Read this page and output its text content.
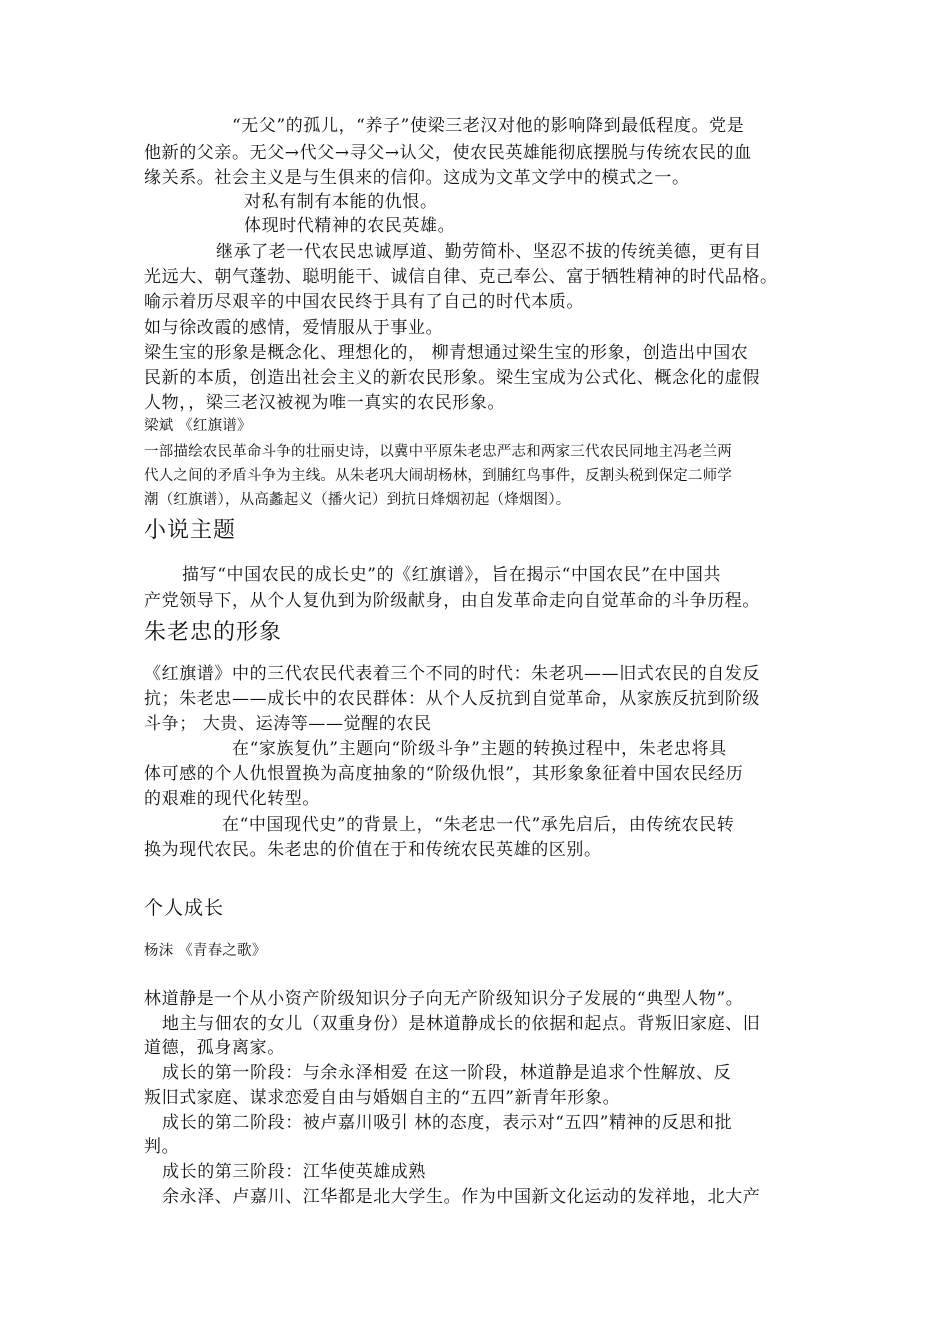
“无父”的孤儿，“养子”使梁三老汉对他的影响降到最低程度。党是
他新的父亲。无父→代父→寻父→认父，使农民英雄能彻底摆脱与传统农民的血
缘关系。社会主义是与生俱来的信仰。这成为文革文学中的模式之一。
对私有制有本能的仇恨。
体现时代精神的农民英雄。
继承了老一代农民忠诚厚道、勤劳简朴、坚忍不拔的传统美德，更有目
光远大、朝气蓬勃、聪明能干、诚信自律、克己奉公、富于牺牲精神的时代品格。
喻示着历尽艰辛的中国农民终于具有了自己的时代本质。
如与徐改霞的感情，爱情服从于事业。
梁生宝的形象是概念化、理想化的， 柳青想通过梁生宝的形象，创造出中国农
民新的本质，创造出社会主义的新农民形象。梁生宝成为公式化、概念化的虚假
人物，，梁三老汉被视为唯一真实的农民形象。
梁斌 《红旗谱》
一部描绘农民革命斗争的壮丽史诗，以冀中平原朱老忠严志和两家三代农民同地主冯老兰两
代人之间的矛盾斗争为主线。从朱老巩大闹胡杨林，到脯红鸟事件，反割头税到保定二师学
潮（红旗谱），从高蠡起义（播火记）到抗日烽烟初起（烽烟图）。
小说主题
描写“中国农民的成长史”的《红旗谱》，旨在揭示“中国农民”在中国共
产党领导下，从个人复仇到为阶级献身，由自发革命走向自觉革命的斗争历程。
朱老忠的形象
《红旗谱》中的三代农民代表着三个不同的时代：朱老巩——旧式农民的自发反
抗；朱老忠——成长中的农民群体：从个人反抗到自觉革命，从家族反抗到阶级
斗争； 大贵、运涛等——觉醒的农民
在“家族复仇”主题向“阶级斗争”主题的转换过程中，朱老忠将具
体可感的个人仇恨置换为高度抽象的“阶级仇恨”，其形象象征着中国农民经历
的艰难的现代化转型。
在“中国现代史”的背景上，“朱老忠一代”承先启后，由传统农民转
换为现代农民。朱老忠的价值在于和传统农民英雄的区别。
个人成长
杨沫 《青春之歌》
林道静是一个从小资产阶级知识分子向无产阶级知识分子发展的“典型人物”。
地主与佃农的女儿（双重身份）是林道静成长的依据和起点。背叛旧家庭、旧
道德，孤身离家。
成长的第一阶段：与余永泽相爱 在这一阶段，林道静是追求个性解放、反
叛旧式家庭、谋求恋爱自由与婚姻自主的“五四”新青年形象。
成长的第二阶段：被卢嘉川吸引 林的态度，表示对“五四”精神的反思和批
判。
成长的第三阶段：江华使英雄成熟
余永泽、卢嘉川、江华都是北大学生。作为中国新文化运动的发祥地，北大产
